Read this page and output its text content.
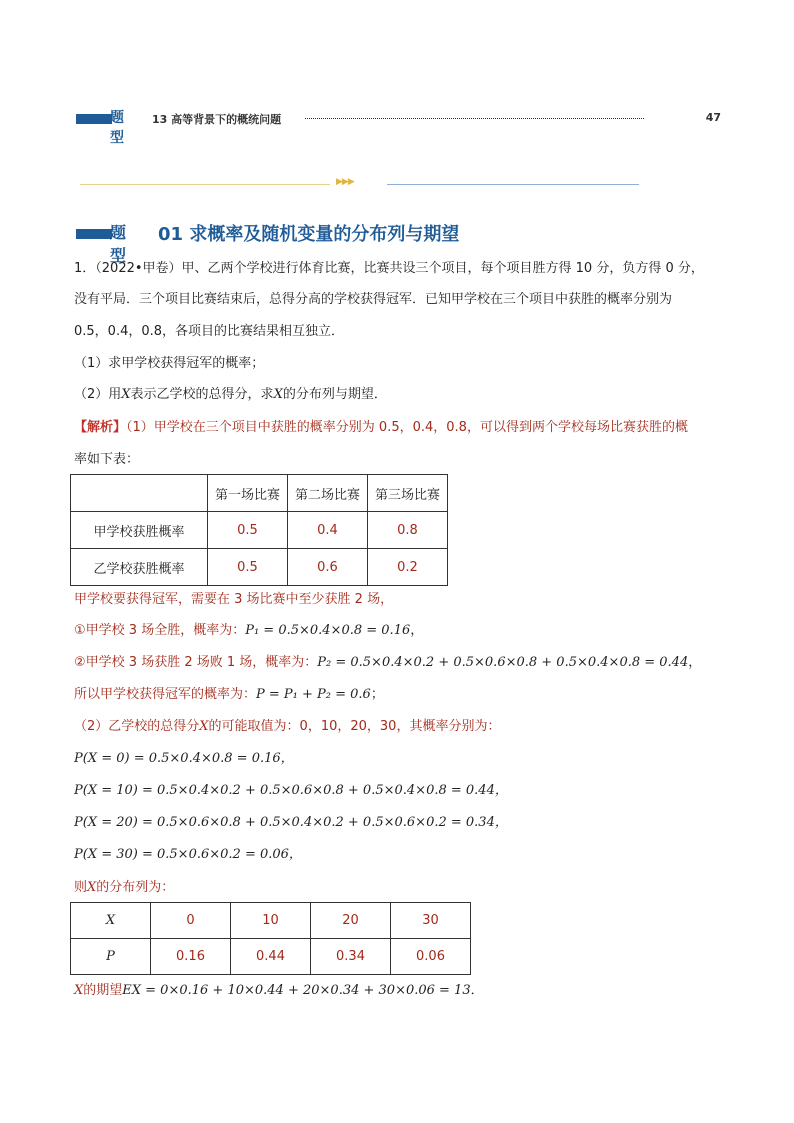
题型
13 高等背景下的概统问题	47
▶▶▶
题型
01 求概率及随机变量的分布列与期望
1．（2022•甲卷）甲、乙两个学校进行体育比赛，比赛共设三个项目，每个项目胜方得 10 分，负方得 0 分，
没有平局．三个项目比赛结束后，总得分高的学校获得冠军．已知甲学校在三个项目中获胜的概率分别为
0.5，0.4，0.8，各项目的比赛结果相互独立．
（1）求甲学校获得冠军的概率；
（2）用X表示乙学校的总得分，求X的分布列与期望．
【解析】（1）甲学校在三个项目中获胜的概率分别为 0.5，0.4，0.8，可以得到两个学校每场比赛获胜的概
率如下表：
	第一场比赛	第二场比赛	第三场比赛
甲学校获胜概率	0.5	0.4	0.8
乙学校获胜概率	0.5	0.6	0.2
甲学校要获得冠军，需要在 3 场比赛中至少获胜 2 场，
①甲学校 3 场全胜，概率为：P₁ = 0.5×0.4×0.8 = 0.16，
②甲学校 3 场获胜 2 场败 1 场，概率为：P₂ = 0.5×0.4×0.2 + 0.5×0.6×0.8 + 0.5×0.4×0.8 = 0.44，
所以甲学校获得冠军的概率为：P = P₁ + P₂ = 0.6；
（2）乙学校的总得分X的可能取值为：0，10，20，30，其概率分别为：
P(X = 0) = 0.5×0.4×0.8 = 0.16，
P(X = 10) = 0.5×0.4×0.2 + 0.5×0.6×0.8 + 0.5×0.4×0.8 = 0.44，
P(X = 20) = 0.5×0.6×0.8 + 0.5×0.4×0.2 + 0.5×0.6×0.2 = 0.34，
P(X = 30) = 0.5×0.6×0.2 = 0.06，
则X的分布列为：
X	0	10	20	30
P	0.16	0.44	0.34	0.06
X的期望EX = 0×0.16 + 10×0.44 + 20×0.34 + 30×0.06 = 13．
